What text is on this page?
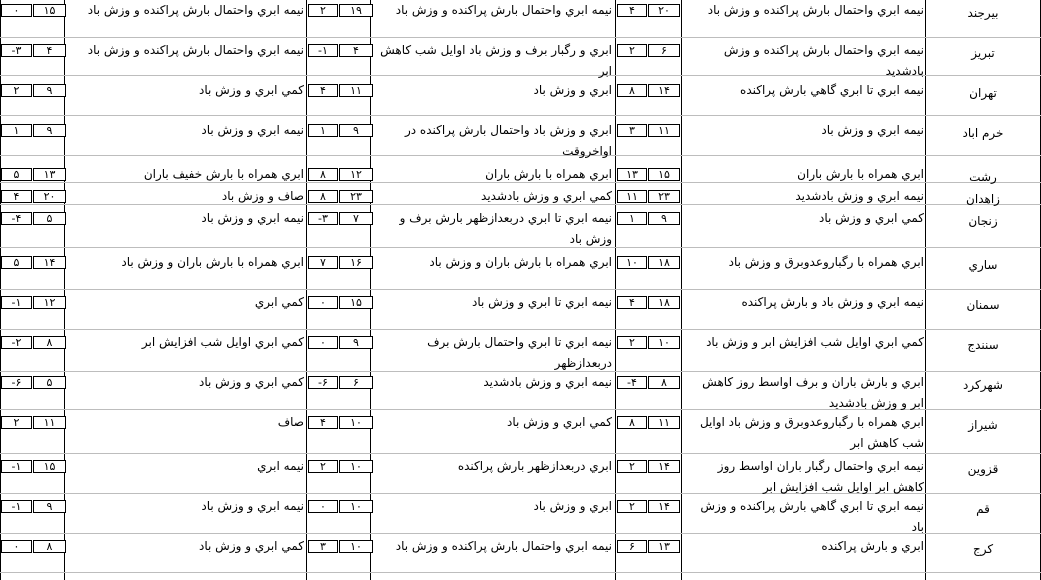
بيرجند
نيمه ابري واحتمال بارش پراكنده و وزش باد
۲۰
۴
نيمه ابري واحتمال بارش پراكنده و وزش باد
۱۹
۲
نيمه ابري واحتمال بارش پراكنده و وزش باد
۱۵
۰
تبريز
نيمه ابري واحتمال بارش پراكنده و وزش بادشديد
۶
۲
ابري و رگبار برف و وزش باد اوايل شب كاهش ابر
۴
۱-
نيمه ابري واحتمال بارش پراكنده و وزش باد
۴
۳-
تهران
نيمه ابري تا ابري گاهي بارش پراكنده
۱۴
۸
ابري و وزش باد
۱۱
۴
كمي ابري و وزش باد
۹
۲
خرم اباد
نيمه ابري و وزش باد
۱۱
۳
ابري و وزش باد واحتمال بارش پراكنده در اواخروقت
۹
۱
نيمه ابري و وزش باد
۹
۱
رشت
ابري همراه با بارش باران
۱۵
۱۳
ابري همراه با بارش باران
۱۲
۸
ابري همراه با بارش خفيف باران
۱۳
۵
زاهدان
نيمه ابري و وزش بادشديد
۲۳
۱۱
كمي ابري و وزش بادشديد
۲۳
۸
صاف و وزش باد
۲۰
۴
زنجان
كمي ابري و وزش باد
۹
۱
نيمه ابري تا ابري دربعدازظهر بارش برف و وزش باد
۷
۳-
نيمه ابري و وزش باد
۵
۴-
ساري
ابري همراه با رگباروعدوبرق و وزش باد
۱۸
۱۰
ابري همراه با بارش باران و وزش باد
۱۶
۷
ابري همراه با بارش باران و وزش باد
۱۴
۵
سمنان
نيمه ابري و وزش باد و بارش پراكنده
۱۸
۴
نيمه ابري تا ابري و وزش باد
۱۵
۰
كمي ابري
۱۲
۱-
سنندج
كمي ابري اوايل شب افزايش ابر و وزش باد
۱۰
۲
نيمه ابري تا ابري واحتمال بارش برف دربعدازظهر
۹
۰
كمي ابري اوايل شب افزايش ابر
۸
۲-
شهركرد
ابري و بارش باران و برف اواسط روز كاهش ابر و وزش بادشديد
۸
۴-
نيمه ابري و وزش بادشديد
۶
۶-
كمي ابري و وزش باد
۵
۶-
شيراز
ابري همراه با رگباروعدوبرق و وزش باد اوايل شب كاهش ابر
۱۱
۸
كمي ابري و وزش باد
۱۰
۴
صاف
۱۱
۲
قزوين
نيمه ابري واحتمال رگبار باران اواسط روز كاهش ابر اوايل شب افزايش ابر
۱۴
۲
ابري دربعدازظهر بارش پراكنده
۱۰
۲
نيمه ابري
۱۵
۱-
قم
نيمه ابري تا ابري گاهي بارش پراكنده و وزش باد
۱۴
۲
ابري و وزش باد
۱۰
۰
نيمه ابري و وزش باد
۹
۱-
كرج
ابري و بارش پراكنده
۱۳
۶
نيمه ابري واحتمال بارش پراكنده و وزش باد
۱۰
۳
كمي ابري و وزش باد
۸
۰
